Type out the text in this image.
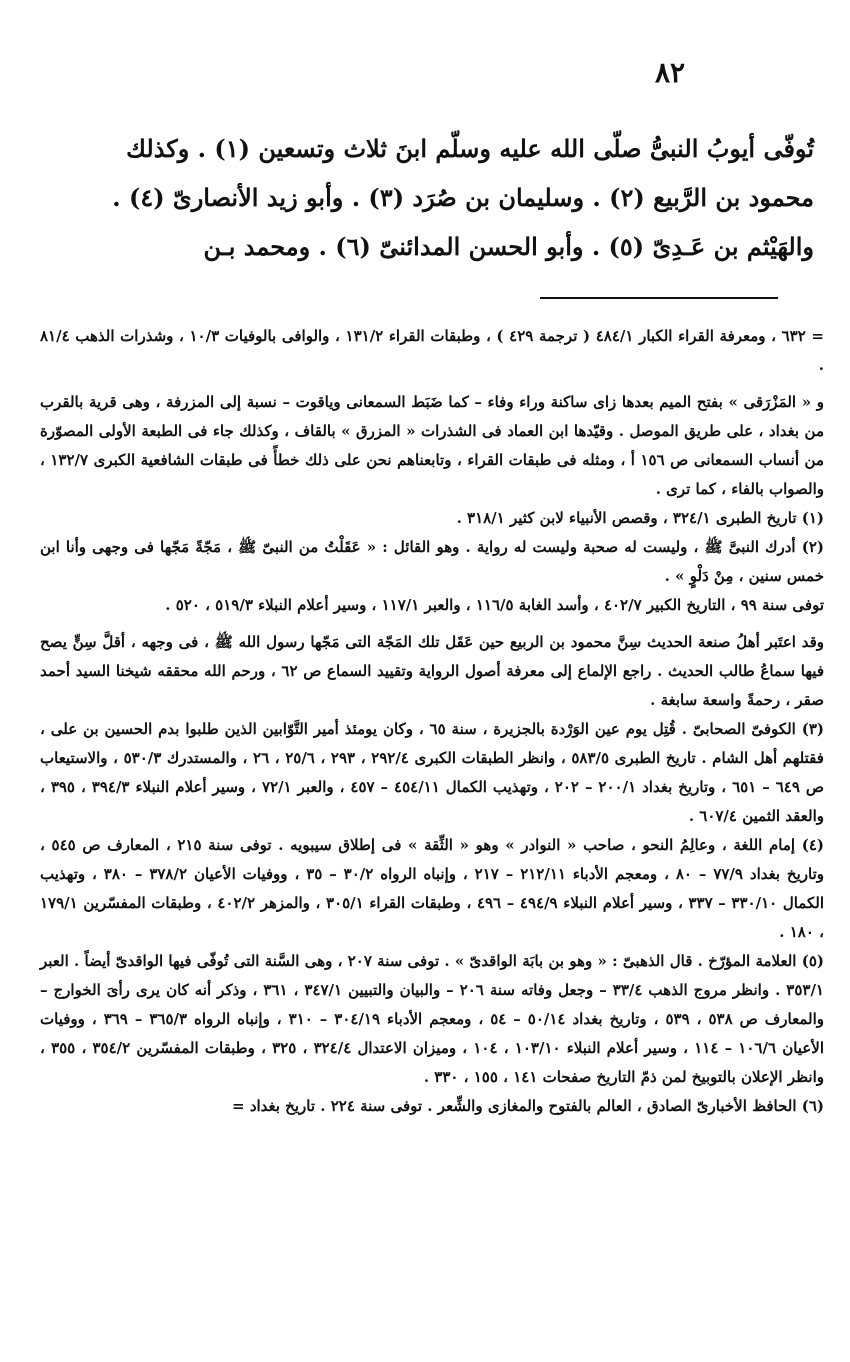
٨٢

تُوفّى أيوبُ النبىُّ صلّى الله عليه وسلّم ابنَ ثلاث وتسعين (١) . وكذلك

محمود بن الرَّبيع (٢) . وسليمان بن صُرَد (٣) . وأبو زيد الأنصارىّ (٤) .

والهَيْثم بن عَـدِىّ (٥) . وأبو الحسن المدائنىّ (٦) . ومحمد بـن

= ٦٣٢ ، ومعرفة القراء الكبار ٤٨٤/١ ( ترجمة ٤٢٩ ) ، وطبقات القراء ١٣١/٢ ، والوافى بالوفيات ١٠/٣ ، وشذرات الذهب ٨١/٤ .

و « المَزْرَقى » بفتح الميم بعدها زاى ساكنة وراء وفاء – كما ضَبَط السمعانى وياقوت – نسبة إلى المزرفة ، وهى قرية بالقرب من بغداد ، على طريق الموصل . وقيّدها ابن العماد فى الشذرات « المزرق » بالقاف ، وكذلك جاء فى الطبعة الأولى المصوّرة من أنساب السمعانى ص ١٥٦ أ ، ومثله فى طبقات القراء ، وتابعناهم نحن على ذلك خطأً فى طبقات الشافعية الكبرى ١٣٢/٧ ، والصواب بالفاء ، كما ترى .

(١) تاريخ الطبرى ٣٢٤/١ ، وقصص الأنبياء لابن كثير ٣١٨/١ .

(٢) أدرك النبىَّ ﷺ ، وليست له صحبة وليست له رواية . وهو القائل : « عَقَلْتُ من النبىّ ﷺ ، مَجّةً مَجّها فى وجهى وأنا ابن خمس سنين ، مِنْ دَلْوٍ » .

توفى سنة ٩٩ ، التاريخ الكبير ٤٠٢/٧ ، وأسد الغابة ١١٦/٥ ، والعبر ١١٧/١ ، وسير أعلام النبلاء ٥١٩/٣ ، ٥٢٠ .

وقد اعتَبر أهلُ صنعة الحديث سِنَّ محمود بن الربيع حين عَقَل تلك المَجّة التى مَجّها رسول الله ﷺ ، فى وجهه ، أقلَّ سِنٍّ يصح فيها سماعُ طالب الحديث . راجع الإلماع إلى معرفة أصول الرواية وتقييد السماع ص ٦٢ ، ورحم الله محققه شيخنا السيد أحمد صقر ، رحمةً واسعة سابغة .

(٣) الكوفىّ الصحابىّ . قُتِل يوم عين الوَرْدة بالجزيرة ، سنة ٦٥ ، وكان يومئذ أمير التَّوّابين الذين طلبوا بدم الحسين بن على ، فقتلهم أهل الشام . تاريخ الطبرى ٥٨٣/٥ ، وانظر الطبقات الكبرى ٢٩٢/٤ ، ٢٩٣ ، ٢٥/٦ ، ٢٦ ، والمستدرك ٥٣٠/٣ ، والاستيعاب ص ٦٤٩ – ٦٥١ ، وتاريخ بغداد ٢٠٠/١ – ٢٠٢ ، وتهذيب الكمال ٤٥٤/١١ – ٤٥٧ ، والعبر ٧٢/١ ، وسير أعلام النبلاء ٣٩٤/٣ ، ٣٩٥ ، والعقد الثمين ٦٠٧/٤ .

(٤) إمام اللغة ، وعالِمُ النحو ، صاحب « النوادر » وهو « الثِّقة » فى إطلاق سيبويه . توفى سنة ٢١٥ ، المعارف ص ٥٤٥ ، وتاريخ بغداد ٧٧/٩ – ٨٠ ، ومعجم الأدباء ٢١٢/١١ – ٢١٧ ، وإنباه الرواه ٣٠/٢ – ٣٥ ، ووفيات الأعيان ٣٧٨/٢ – ٣٨٠ ، وتهذيب الكمال ٣٣٠/١٠ – ٣٣٧ ، وسير أعلام النبلاء ٤٩٤/٩ – ٤٩٦ ، وطبقات القراء ٣٠٥/١ ، والمزهر ٤٠٢/٢ ، وطبقات المفسّرين ١٧٩/١ ، ١٨٠ .

(٥) العلامة المؤرّخ . قال الذهبىّ : « وهو بن بابَة الواقدىّ » . توفى سنة ٢٠٧ ، وهى السَّنة التى تُوفّى فيها الواقدىّ أيضاً . العبر ٣٥٣/١ . وانظر مروج الذهب ٣٣/٤ – وجعل وفاته سنة ٢٠٦ – والبيان والتبيين ٣٤٧/١ ، ٣٦١ ، وذكر أنه كان يرى رأىَ الخوارج – والمعارف ص ٥٣٨ ، ٥٣٩ ، وتاريخ بغداد ٥٠/١٤ – ٥٤ ، ومعجم الأدباء ٣٠٤/١٩ – ٣١٠ ، وإنباه الرواه ٣٦٥/٣ – ٣٦٩ ، ووفيات الأعيان ١٠٦/٦ – ١١٤ ، وسير أعلام النبلاء ١٠٣/١٠ ، ١٠٤ ، وميزان الاعتدال ٣٢٤/٤ ، ٣٢٥ ، وطبقات المفسّرين ٣٥٤/٢ ، ٣٥٥ ، وانظر الإعلان بالتوبيخ لمن ذمّ التاريخ صفحات ١٤١ ، ١٥٥ ، ٣٣٠ .

(٦) الحافظ الأخبارىّ الصادق ، العالم بالفتوح والمغازى والشِّعر . توفى سنة ٢٢٤ . تاريخ بغداد =
